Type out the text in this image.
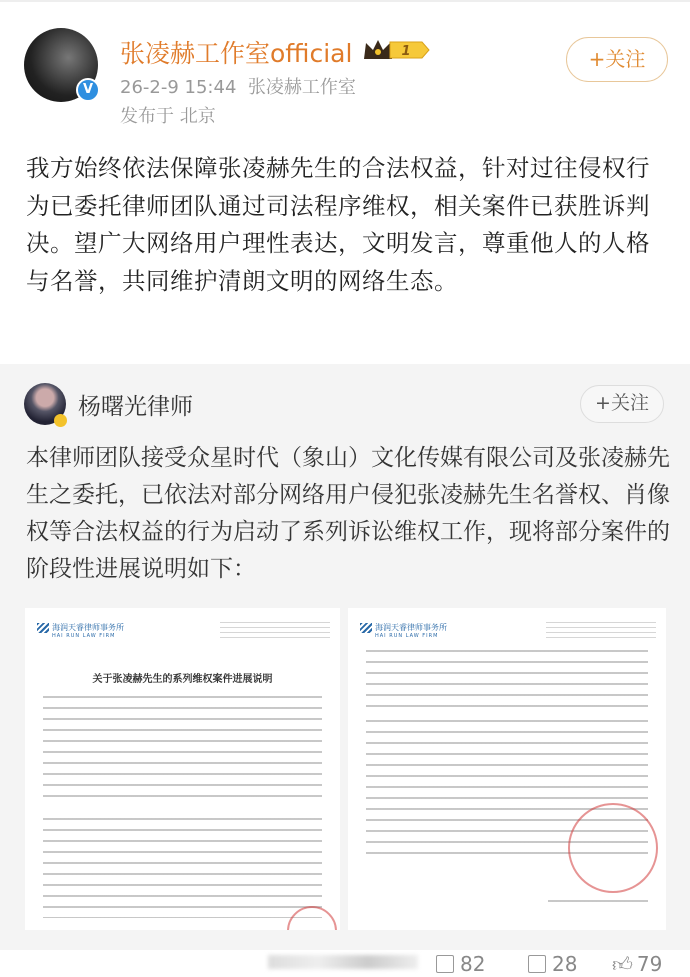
V
张凌赫工作室official	1
26-2-9 15:44 张凌赫工作室
发布于 北京
+关注
我方始终依法保障张凌赫先生的合法权益，针对过往侵权行为已委托律师团队通过司法程序维权，相关案件已获胜诉判决。望广大网络用户理性表达，文明发言，尊重他人的人格与名誉，共同维护清朗文明的网络生态。
杨曙光律师	+关注
本律师团队接受众星时代（象山）文化传媒有限公司及张凌赫先生之委托，已依法对部分网络用户侵犯张凌赫先生名誉权、肖像权等合法权益的行为启动了系列诉讼维权工作，现将部分案件的阶段性进展说明如下：
海润天睿律师事务所
HAI RUN LAW FIRM
关于张凌赫先生的系列维权案件进展说明
海润天睿律师事务所
HAI RUN LAW FIRM
82	28 👍︎ 79
